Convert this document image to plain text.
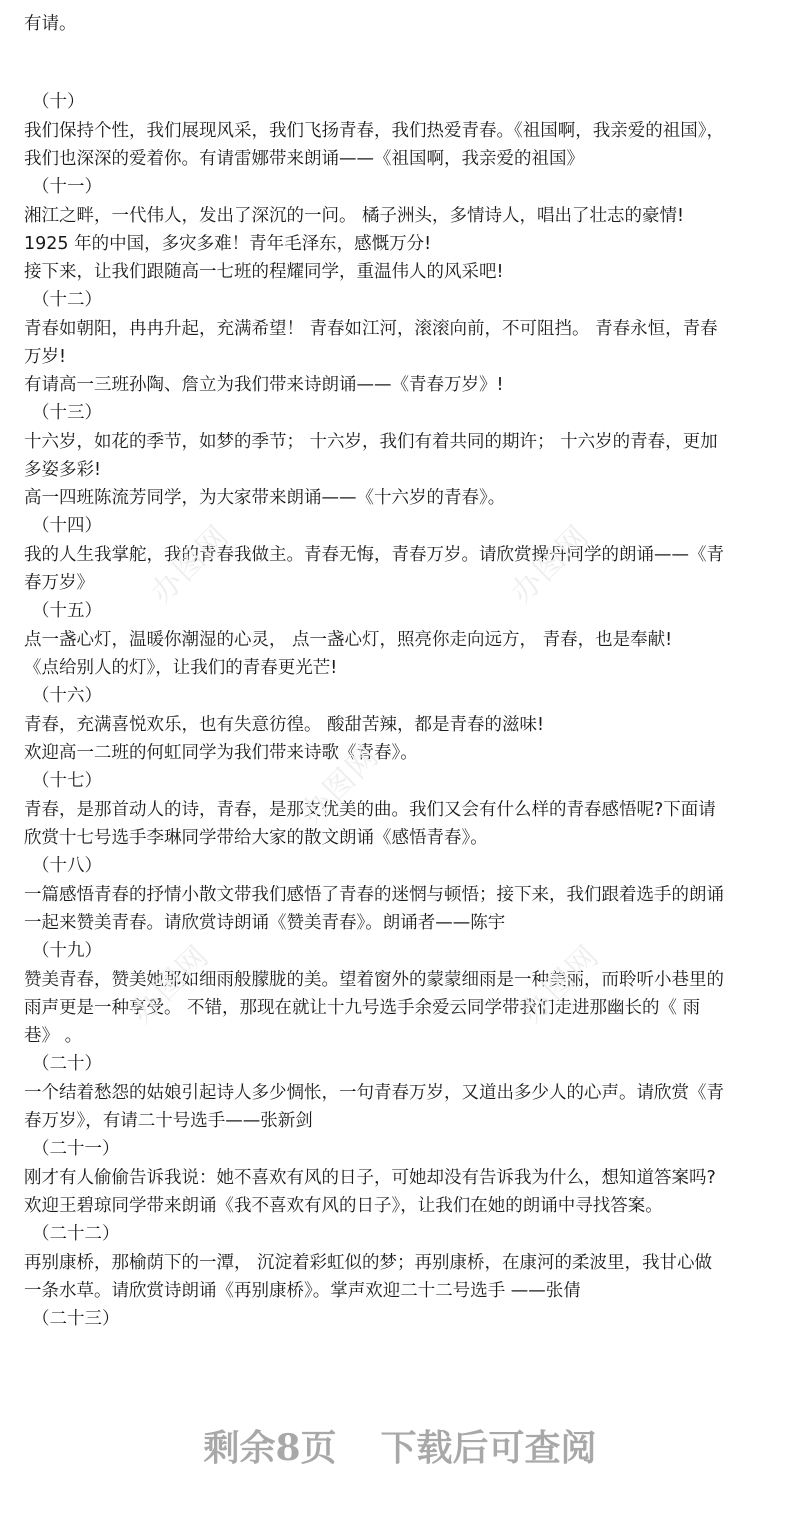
有请。
（十）
我们保持个性，我们展现风采，我们飞扬青春，我们热爱青春。《祖国啊，我亲爱的祖国》，
我们也深深的爱着你。有请雷娜带来朗诵——《祖国啊，我亲爱的祖国》
（十一）
湘江之畔，一代伟人，发出了深沉的一问。 橘子洲头，多情诗人，唱出了壮志的豪情!
1925 年的中国，多灾多难！青年毛泽东，感慨万分!
接下来，让我们跟随高一七班的程耀同学，重温伟人的风采吧!
（十二）
青春如朝阳，冉冉升起，充满希望！ 青春如江河，滚滚向前，不可阻挡。 青春永恒，青春
万岁!
有请高一三班孙陶、詹立为我们带来诗朗诵——《青春万岁》!
（十三）
十六岁，如花的季节，如梦的季节； 十六岁，我们有着共同的期许； 十六岁的青春，更加
多姿多彩!
高一四班陈流芳同学，为大家带来朗诵——《十六岁的青春》。
（十四）
我的人生我掌舵，我的青春我做主。青春无悔，青春万岁。请欣赏操丹同学的朗诵——《青
春万岁》
（十五）
点一盏心灯，温暖你潮湿的心灵， 点一盏心灯，照亮你走向远方， 青春，也是奉献!
《点给别人的灯》，让我们的青春更光芒!
（十六）
青春，充满喜悦欢乐，也有失意彷徨。 酸甜苦辣，都是青春的滋味!
欢迎高一二班的何虹同学为我们带来诗歌《青春》。
（十七）
青春，是那首动人的诗，青春，是那支优美的曲。我们又会有什么样的青春感悟呢?下面请
欣赏十七号选手李琳同学带给大家的散文朗诵《感悟青春》。
（十八）
一篇感悟青春的抒情小散文带我们感悟了青春的迷惘与顿悟；接下来，我们跟着选手的朗诵
一起来赞美青春。请欣赏诗朗诵《赞美青春》。朗诵者——陈宇
（十九）
赞美青春，赞美她那如细雨般朦胧的美。望着窗外的蒙蒙细雨是一种美丽，而聆听小巷里的
雨声更是一种享受。 不错，那现在就让十九号选手余爱云同学带我们走进那幽长的《 雨
巷》 。
（二十）
一个结着愁怨的姑娘引起诗人多少惆怅，一句青春万岁，又道出多少人的心声。请欣赏《青
春万岁》，有请二十号选手——张新剑
（二十一）
刚才有人偷偷告诉我说：她不喜欢有风的日子，可她却没有告诉我为什么，想知道答案吗?
欢迎王碧琼同学带来朗诵《我不喜欢有风的日子》，让我们在她的朗诵中寻找答案。
（二十二）
再别康桥，那榆荫下的一潭， 沉淀着彩虹似的梦；再别康桥，在康河的柔波里，我甘心做
一条水草。请欣赏诗朗诵《再别康桥》。掌声欢迎二十二号选手 ——张倩
（二十三）
办图网	办图网
办图网
办图网	办图网
剩余8页 下载后可查阅
